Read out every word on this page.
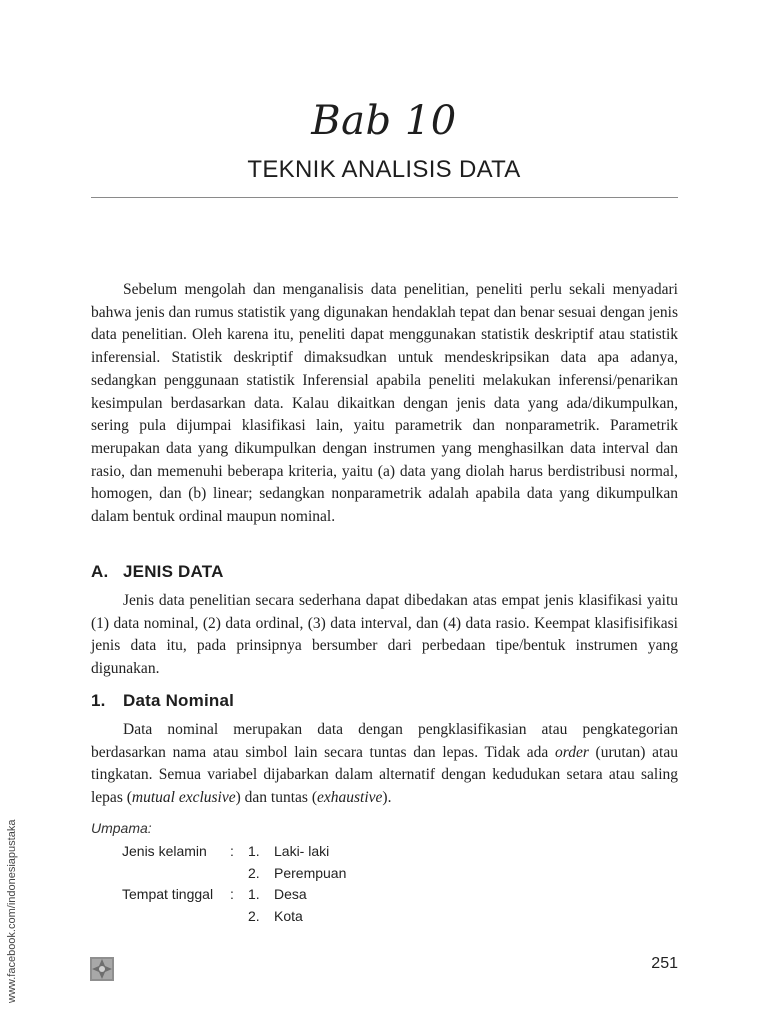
Bab 10
TEKNIK ANALISIS DATA

Sebelum mengolah dan menganalisis data penelitian, peneliti perlu sekali menyadari bahwa jenis dan rumus statistik yang digunakan hendaklah tepat dan benar sesuai dengan jenis data penelitian. Oleh karena itu, peneliti dapat menggunakan statistik deskriptif atau statistik inferensial. Statistik deskriptif dimaksudkan untuk mendeskripsikan data apa adanya, sedangkan penggunaan statistik Inferensial apabila peneliti melakukan inferensi/penarikan kesimpulan berdasarkan data. Kalau dikaitkan dengan jenis data yang ada/dikumpulkan, sering pula dijumpai klasifikasi lain, yaitu parametrik dan nonparametrik. Parametrik merupakan data yang dikumpulkan dengan instrumen yang menghasilkan data interval dan rasio, dan memenuhi beberapa kriteria, yaitu (a) data yang diolah harus berdistribusi normal, homogen, dan (b) linear; sedangkan nonparametrik adalah apabila data yang dikumpulkan dalam bentuk ordinal maupun nominal.

A. JENIS DATA

Jenis data penelitian secara sederhana dapat dibedakan atas empat jenis klasifikasi yaitu (1) data nominal, (2) data ordinal, (3) data interval, dan (4) data rasio. Keempat klasifisifikasi jenis data itu, pada prinsipnya bersumber dari perbedaan tipe/bentuk instrumen yang digunakan.

1. Data Nominal

Data nominal merupakan data dengan pengklasifikasian atau pengkategorian berdasarkan nama atau simbol lain secara tuntas dan lepas. Tidak ada order (urutan) atau tingkatan. Semua variabel dijabarkan dalam alternatif dengan kedudukan setara atau saling lepas (mutual exclusive) dan tuntas (exhaustive).

Umpama:
Jenis kelamin : 1. Laki- laki
2. Perempuan
Tempat tinggal : 1. Desa
2. Kota
251
www.facebook.com/indonesiapustaka
